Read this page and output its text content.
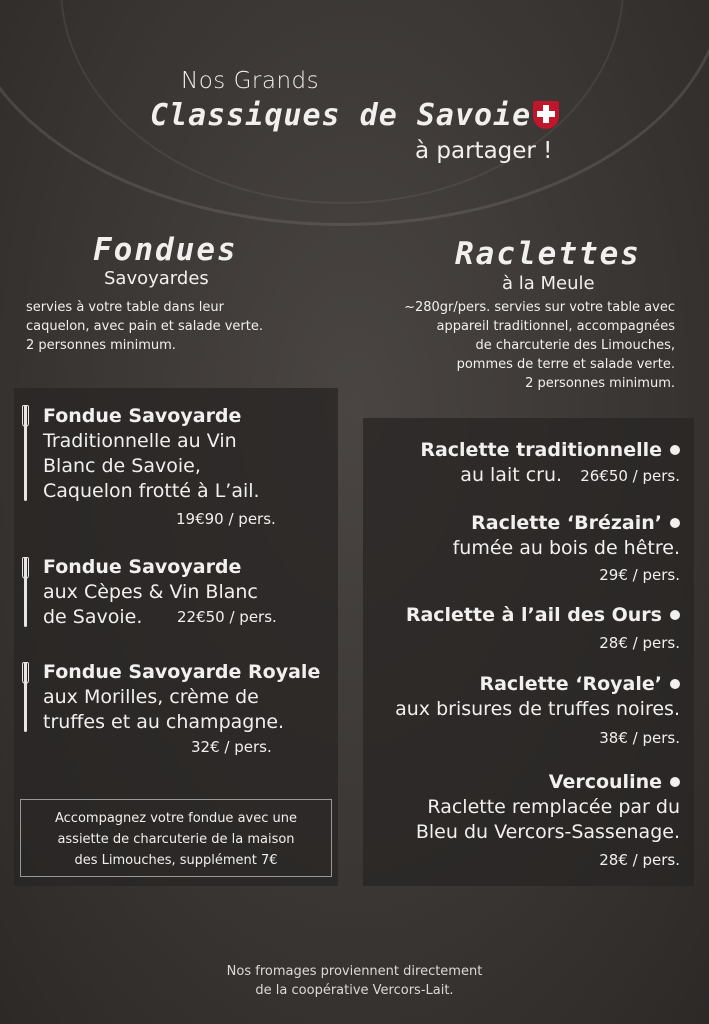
Nos Grands
Classiques de Savoie
à partager !
Fondues
Savoyardes
servies à votre table dans leur
caquelon, avec pain et salade verte.
2 personnes minimum.
Fondue Savoyarde
Traditionnelle au Vin
Blanc de Savoie,
Caquelon frotté à L’ail.
19€90 / pers.
Fondue Savoyarde
aux Cèpes & Vin Blanc
de Savoie.	22€50 / pers.
Fondue Savoyarde Royale
aux Morilles, crème de
truffes et au champagne.
32€ / pers.
Accompagnez votre fondue avec une
assiette de charcuterie de la maison
des Limouches, supplément 7€
Raclettes
à la Meule
~280gr/pers. servies sur votre table avec
appareil traditionnel, accompagnées
de charcuterie des Limouches,
pommes de terre et salade verte.
2 personnes minimum.
Raclette traditionnelle
au lait cru. 26€50 / pers.
Raclette ‘Brézain’
fumée au bois de hêtre.
29€ / pers.
Raclette à l’ail des Ours
28€ / pers.
Raclette ‘Royale’
aux brisures de truffes noires.
38€ / pers.
Vercouline
Raclette remplacée par du
Bleu du Vercors-Sassenage.
28€ / pers.
Nos fromages proviennent directement
de la coopérative Vercors-Lait.
